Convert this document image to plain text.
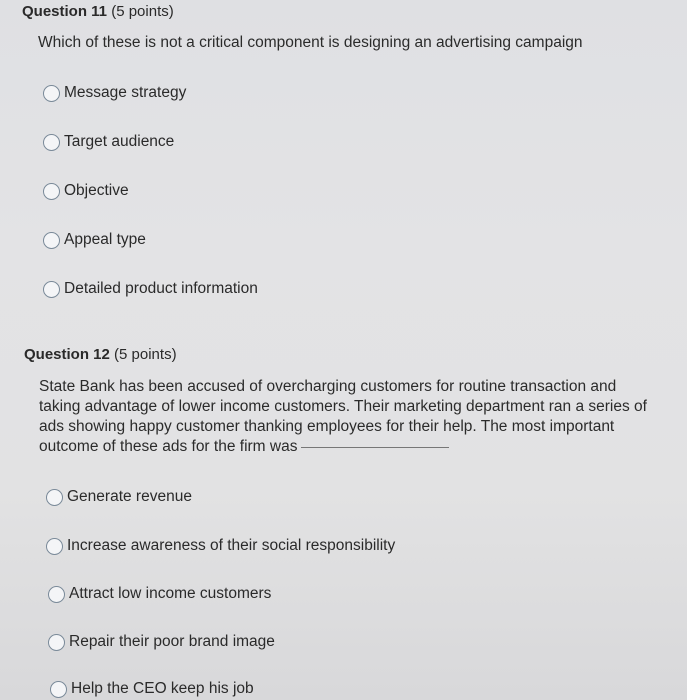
Question 11 (5 points)
Which of these is not a critical component is designing an advertising campaign
Message strategy
Target audience
Objective
Appeal type
Detailed product information
Question 12 (5 points)
State Bank has been accused of overcharging customers for routine transaction and taking advantage of lower income customers. Their marketing department ran a series of ads showing happy customer thanking employees for their help. The most important outcome of these ads for the firm was
Generate revenue
Increase awareness of their social responsibility
Attract low income customers
Repair their poor brand image
Help the CEO keep his job
